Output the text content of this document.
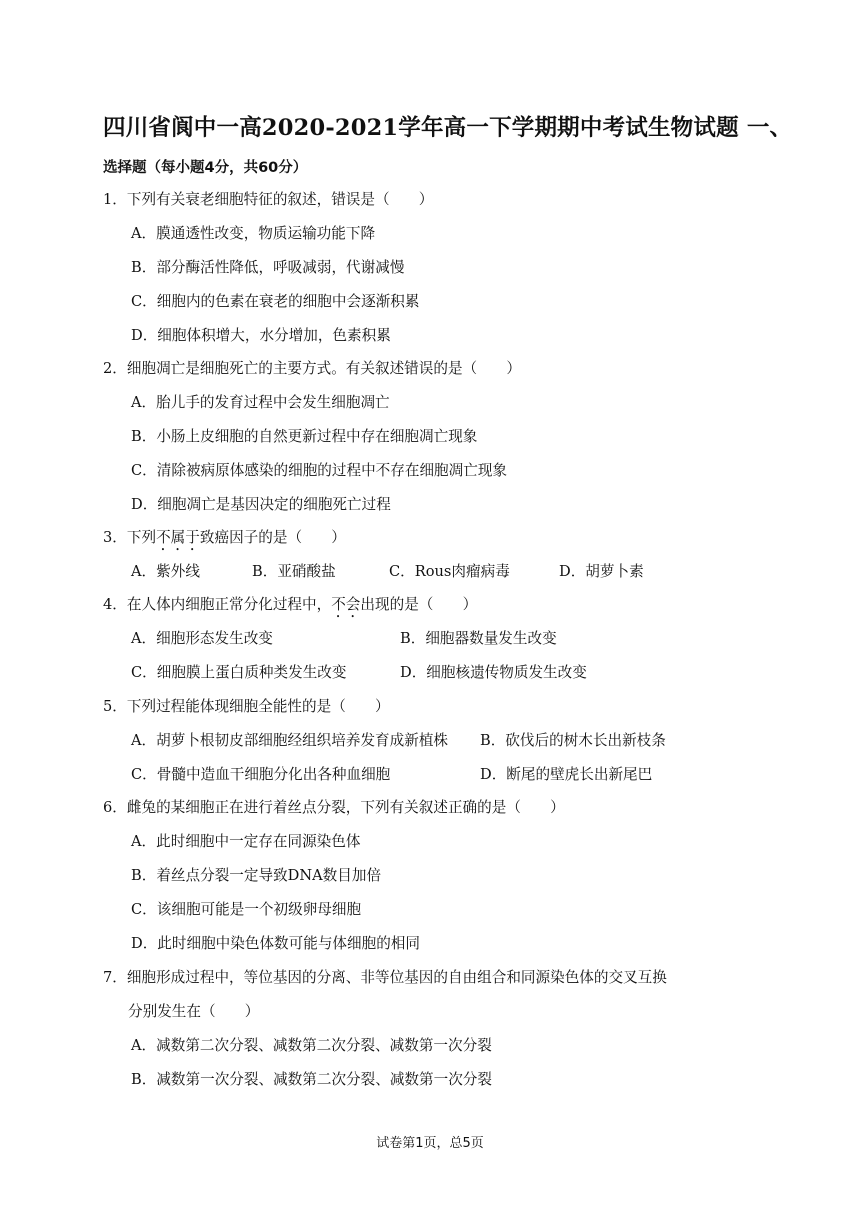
四川省阆中一高2020-2021学年高一下学期期中考试生物试题 一、
选择题（每小题4分，共60分）
1．下列有关衰老细胞特征的叙述，错误是（　　）
A．膜通透性改变，物质运输功能下降
B．部分酶活性降低，呼吸减弱，代谢减慢
C．细胞内的色素在衰老的细胞中会逐渐积累
D．细胞体积增大，水分增加，色素积累
2．细胞凋亡是细胞死亡的主要方式。有关叙述错误的是（　　）
A．胎儿手的发育过程中会发生细胞凋亡
B．小肠上皮细胞的自然更新过程中存在细胞凋亡现象
C．清除被病原体感染的细胞的过程中不存在细胞凋亡现象
D．细胞凋亡是基因决定的细胞死亡过程
3．下列不属于致癌因子的是（　　）
A．紫外线	B．亚硝酸盐	C．Rous肉瘤病毒	D．胡萝卜素
4．在人体内细胞正常分化过程中，不会出现的是（　　）
A．细胞形态发生改变	B．细胞器数量发生改变
C．细胞膜上蛋白质种类发生改变	D．细胞核遗传物质发生改变
5．下列过程能体现细胞全能性的是（　　）
A．胡萝卜根韧皮部细胞经组织培养发育成新植株 B．砍伐后的树木长出新枝条
C．骨髓中造血干细胞分化出各种血细胞	D．断尾的壁虎长出新尾巴
6．雌兔的某细胞正在进行着丝点分裂，下列有关叙述正确的是（　　）
A．此时细胞中一定存在同源染色体
B．着丝点分裂一定导致DNA数目加倍
C．该细胞可能是一个初级卵母细胞
D．此时细胞中染色体数可能与体细胞的相同
7．细胞形成过程中，等位基因的分离、非等位基因的自由组合和同源染色体的交叉互换
分别发生在（　　）
A．减数第二次分裂、减数第二次分裂、减数第一次分裂
B．减数第一次分裂、减数第二次分裂、减数第一次分裂
试卷第1页，总5页
